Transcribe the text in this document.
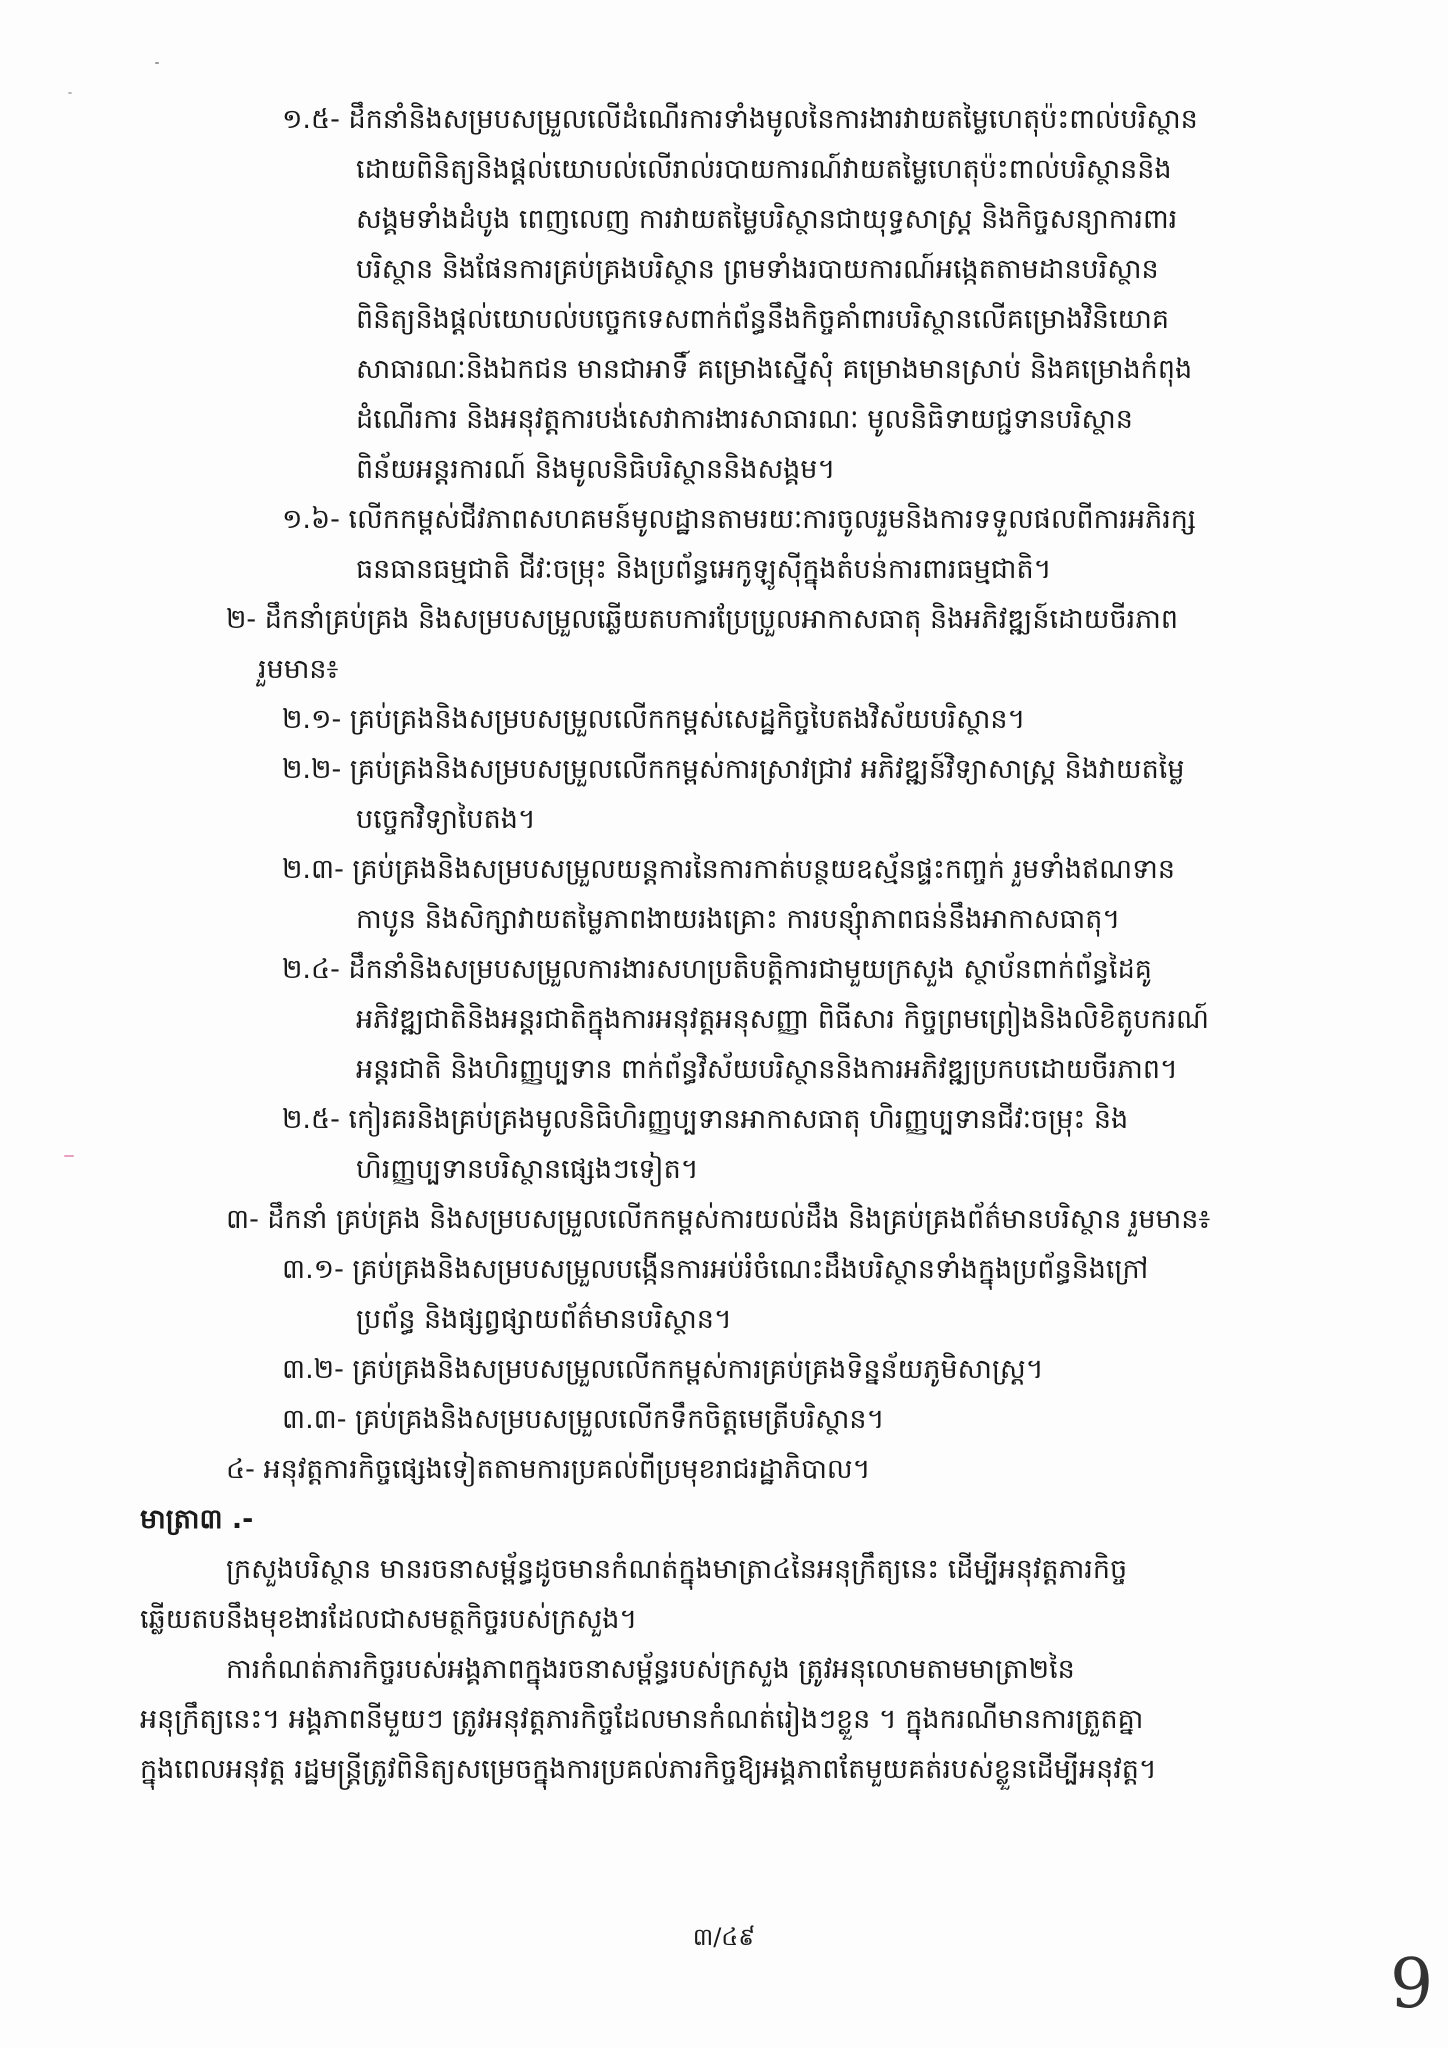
១.៥- ដឹកនាំនិងសម្របសម្រួលលើដំណើរការទាំងមូលនៃការងារវាយតម្លៃហេតុប៉ះពាល់បរិស្ថាន
ដោយពិនិត្យនិងផ្តល់យោបល់លើរាល់របាយការណ៍វាយតម្លៃហេតុប៉ះពាល់បរិស្ថាននិង
សង្គមទាំងដំបូង ពេញលេញ ការវាយតម្លៃបរិស្ថានជាយុទ្ធសាស្ត្រ និងកិច្ចសន្យាការពារ
បរិស្ថាន និងផែនការគ្រប់គ្រងបរិស្ថាន ព្រមទាំងរបាយការណ៍អង្កេតតាមដានបរិស្ថាន
ពិនិត្យនិងផ្តល់យោបល់បច្ចេកទេសពាក់ព័ន្ធនឹងកិច្ចគាំពារបរិស្ថានលើគម្រោងវិនិយោគ
សាធារណៈនិងឯកជន មានជាអាទិ៍ គម្រោងស្នើសុំ គម្រោងមានស្រាប់ និងគម្រោងកំពុង
ដំណើរការ និងអនុវត្តការបង់សេវាការងារសាធារណៈ មូលនិធិទាយជ្ជទានបរិស្ថាន
ពិន័យអន្តរការណ៍ និងមូលនិធិបរិស្ថាននិងសង្គម។
១.៦- លើកកម្ពស់ជីវភាពសហគមន៍មូលដ្ឋានតាមរយៈការចូលរួមនិងការទទួលផលពីការអភិរក្ស
ធនធានធម្មជាតិ ជីវៈចម្រុះ និងប្រព័ន្ធអេកូឡូស៊ីក្នុងតំបន់ការពារធម្មជាតិ។
២- ដឹកនាំគ្រប់គ្រង និងសម្របសម្រួលឆ្លើយតបការប្រែប្រួលអាកាសធាតុ និងអភិវឌ្ឍន៍ដោយចីរភាព
រួមមាន៖
២.១- គ្រប់គ្រងនិងសម្របសម្រួលលើកកម្ពស់សេដ្ឋកិច្ចបៃតងវិស័យបរិស្ថាន។
២.២- គ្រប់គ្រងនិងសម្របសម្រួលលើកកម្ពស់ការស្រាវជ្រាវ អភិវឌ្ឍន៍វិទ្យាសាស្ត្រ និងវាយតម្លៃ
បច្ចេកវិទ្យាបៃតង។
២.៣- គ្រប់គ្រងនិងសម្របសម្រួលយន្តការនៃការកាត់បន្ថយឧស្ម័នផ្ទះកញ្ចក់ រួមទាំងឥណទាន
កាបូន និងសិក្សាវាយតម្លៃភាពងាយរងគ្រោះ ការបន្សុំាភាពធន់នឹងអាកាសធាតុ។
២.៤- ដឹកនាំនិងសម្របសម្រួលការងារសហប្រតិបត្តិការជាមួយក្រសួង ស្ថាប័នពាក់ព័ន្ធដៃគូ
អភិវឌ្ឍជាតិនិងអន្តរជាតិក្នុងការអនុវត្តអនុសញ្ញា ពិធីសារ កិច្ចព្រមព្រៀងនិងលិខិតូបករណ៍
អន្តរជាតិ និងហិរញ្ញប្បទាន ពាក់ព័ន្ធវិស័យបរិស្ថាននិងការអភិវឌ្ឍប្រកបដោយចីរភាព។
២.៥- កៀរគរនិងគ្រប់គ្រងមូលនិធិហិរញ្ញប្បទានអាកាសធាតុ ហិរញ្ញប្បទានជីវៈចម្រុះ និង
ហិរញ្ញប្បទានបរិស្ថានផ្សេងៗទៀត។
៣- ដឹកនាំ គ្រប់គ្រង និងសម្របសម្រួលលើកកម្ពស់ការយល់ដឹង និងគ្រប់គ្រងព័ត៌មានបរិស្ថាន រួមមាន៖
៣.១- គ្រប់គ្រងនិងសម្របសម្រួលបង្កើនការអប់រំចំណេះដឹងបរិស្ថានទាំងក្នុងប្រព័ន្ធនិងក្រៅ
ប្រព័ន្ធ និងផ្សព្វផ្សាយព័ត៌មានបរិស្ថាន។
៣.២- គ្រប់គ្រងនិងសម្របសម្រួលលើកកម្ពស់ការគ្រប់គ្រងទិន្នន័យភូមិសាស្ត្រ។
៣.៣- គ្រប់គ្រងនិងសម្របសម្រួលលើកទឹកចិត្តមេត្រីបរិស្ថាន។
៤- អនុវត្តការកិច្ចផ្សេងទៀតតាមការប្រគល់ពីប្រមុខរាជរដ្ឋាភិបាល។
មាត្រា៣ .-
ក្រសួងបរិស្ថាន មានរចនាសម្ព័ន្ធដូចមានកំណត់ក្នុងមាត្រា៤នៃអនុក្រឹត្យនេះ ដើម្បីអនុវត្តភារកិច្ច
ឆ្លើយតបនឹងមុខងារដែលជាសមត្ថកិច្ចរបស់ក្រសួង។
ការកំណត់ភារកិច្ចរបស់អង្គភាពក្នុងរចនាសម្ព័ន្ធរបស់ក្រសួង ត្រូវអនុលោមតាមមាត្រា២នៃ
អនុក្រឹត្យនេះ។ អង្គភាពនីមួយៗ ត្រូវអនុវត្តភារកិច្ចដែលមានកំណត់រៀងៗខ្លួន ។ ក្នុងករណីមានការត្រួតគ្នា
ក្នុងពេលអនុវត្ត រដ្ឋមន្ត្រីត្រូវពិនិត្យសម្រេចក្នុងការប្រគល់ភារកិច្ចឱ្យអង្គភាពតែមួយគត់របស់ខ្លួនដើម្បីអនុវត្ត។
៣/៤៩
9
